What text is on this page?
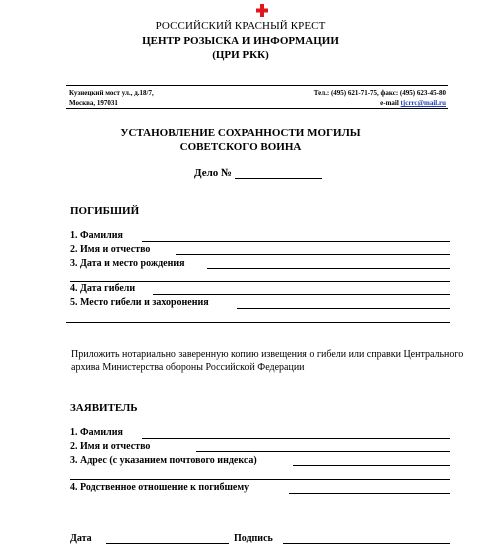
РОССИЙСКИЙ КРАСНЫЙ КРЕСТ
ЦЕНТР РОЗЫСКА И ИНФОРМАЦИИ
(ЦРИ РКК)
Кузнецкий мост ул., д.18/7,
Москва, 197031
Тел.: (495) 621-71-75, факс: (495) 623-45-80
e-mail tjcrrc@mail.ru
УСТАНОВЛЕНИЕ СОХРАННОСТИ МОГИЛЫ
СОВЕТСКОГО ВОИНА
Дело №
ПОГИБШИЙ
1. Фамилия
2. Имя и отчество
3. Дата и место рождения
4. Дата гибели
5. Место гибели и захоронения
Приложить нотариально заверенную копию извещения о гибели или справки Центрального архива Министерства обороны Российской Федерации
ЗАЯВИТЕЛЬ
1. Фамилия
2. Имя и отчество
3. Адрес (с указанием почтового индекса)
4. Родственное отношение к погибшему
Дата	Подпись
